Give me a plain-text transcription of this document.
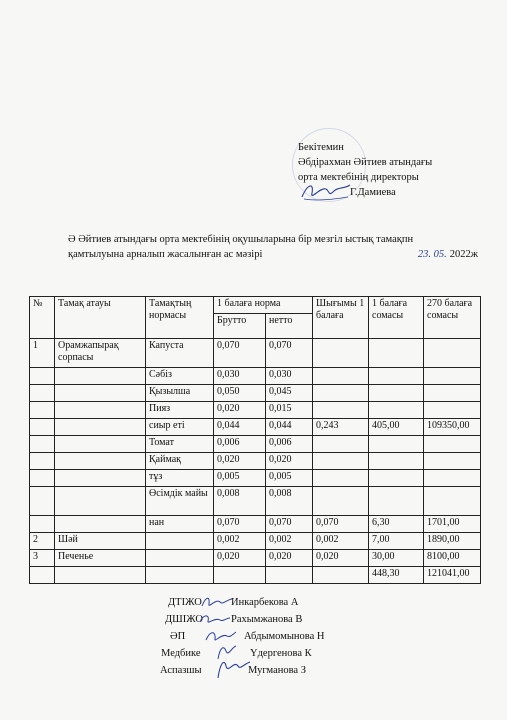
Бекітемин
Әбдірахман Әйтиев атындағы
орта мектебінің директоры
Г.Дамиева
Ә Әйтиев атындағы орта мектебінің оқушыларына бір мезгіл ыстық тамақпн
қамтылуына арналып жасалынған ас мәзірі	23. 05. 2022ж
№	Тамақ атауы	Тамақтың нормасы	1 балаға норма		Шығымы 1 балаға	1 балаға сомасы	270 балаға сомасы
			Брутто	нетто			
1	Орамжапырақ сорпасы	Капуста	0,070	0,070			
		Сәбіз	0,030	0,030			
		Қызылша	0,050	0,045			
		Пияз	0,020	0,015			
		сиыр еті	0,044	0,044	0,243	405,00	109350,00
		Томат	0,006	0,006			
		Қаймақ	0,020	0,020			
		тұз	0,005	0,005			
		Өсімдік майы	0,008	0,008			
		нан	0,070	0,070	0,070	6,30	1701,00
2	Шәй		0,002	0,002	0,002	7,00	1890,00
3	Печенье		0,020	0,020	0,020	30,00	8100,00
						448,30	121041,00
ДТІЖО	Инкарбекова А
ДШІЖО	Рахымжанова В
ӘП	Абдымомынова Н
Медбике	Үдергенова К
Аспазшы	Мугманова З
